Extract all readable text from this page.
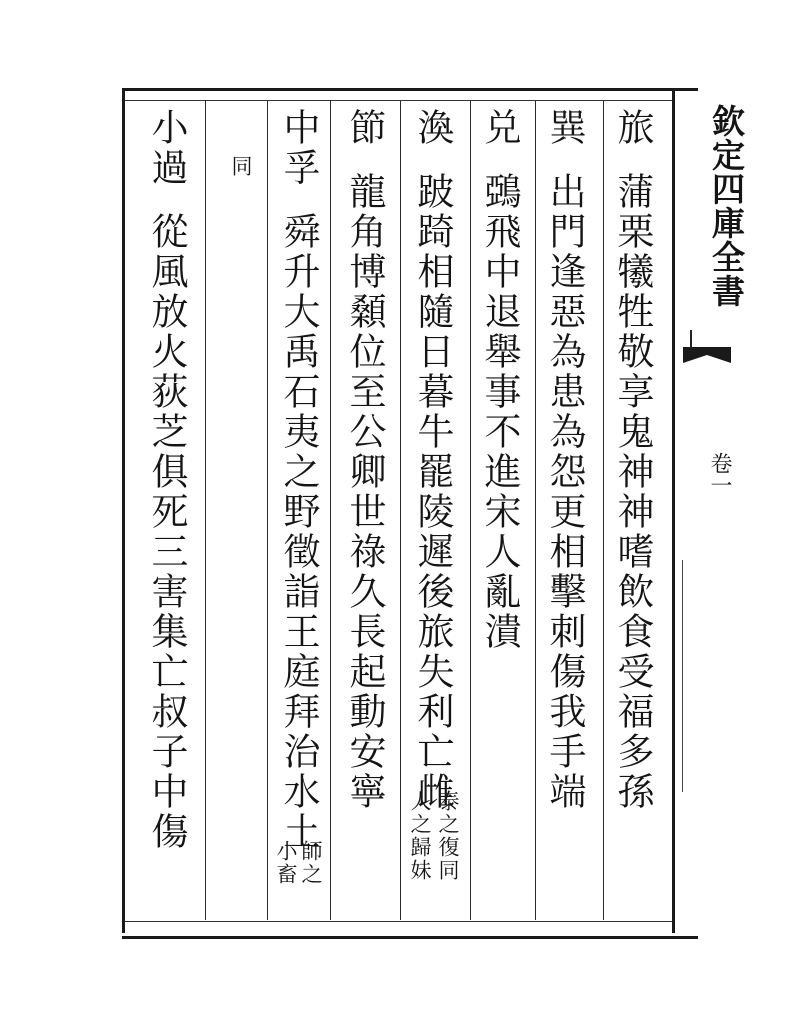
欽定四庫全書
卷一
旅蒲栗犧牲敬享鬼神神嗜飲食受福多孫
巽出門逢惡為患為怨更相擊刺傷我手端
兑鵶飛中退舉事不進宋人亂潰
渙跛踦相隨日暮牛罷陵遲後旅失利亡雌
泰之復同
人之歸妹
節龍角博顙位至公卿世祿久長起動安寧
中孚舜升大禹石夷之野徵詣王庭拜治水土
師之
小畜
同
小過從風放火荻芝俱死三害集亡叔子中傷
